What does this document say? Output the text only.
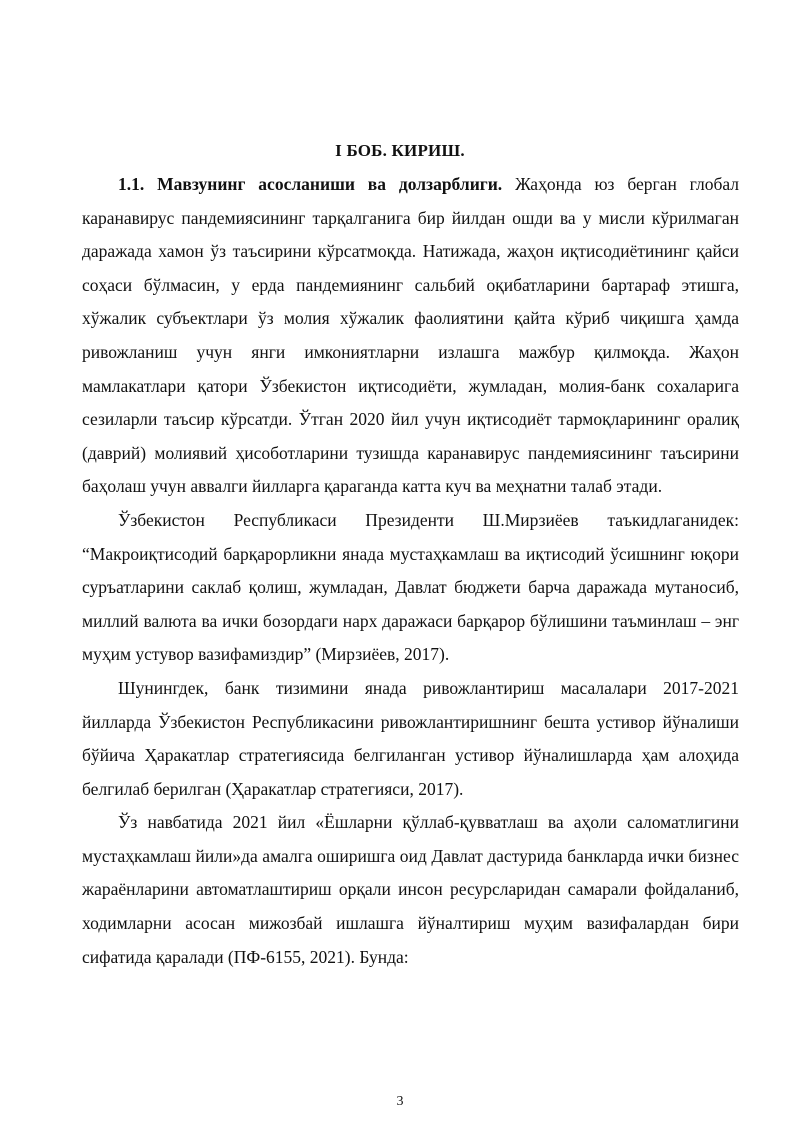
I БОБ. КИРИШ.

1.1. Мавзунинг асосланиши ва долзарблиги. Жаҳонда юз берган глобал каранавирус пандемиясининг тарқалганига бир йилдан ошди ва у мисли кўрилмаган даражада хамон ўз таъсирини кўрсатмоқда. Натижада, жаҳон иқтисодиётининг қайси соҳаси бўлмасин, у ерда пандемиянинг сальбий оқибатларини бартараф этишга, хўжалик субъектлари ўз молия хўжалик фаолиятини қайта кўриб чиқишга ҳамда ривожланиш учун янги имкониятларни излашга мажбур қилмоқда. Жаҳон мамлакатлари қатори Ўзбекистон иқтисодиёти, жумладан, молия-банк сохаларига сезиларли таъсир кўрсатди. Ўтган 2020 йил учун иқтисодиёт тармоқларининг оралиқ (даврий) молиявий ҳисоботларини тузишда каранавирус пандемиясининг таъсирини баҳолаш учун аввалги йилларга қараганда катта куч ва меҳнатни талаб этади.

Ўзбекистон Республикаси Президенти Ш.Мирзиёев таъкидлаганидек: “Макроиқтисодий барқарорликни янада мустаҳкамлаш ва иқтисодий ўсишнинг юқори суръатларини саклаб қолиш, жумладан, Давлат бюджети барча даражада мутаносиб, миллий валюта ва ички бозордаги нарх даражаси барқарор бўлишини таъминлаш – энг муҳим устувор вазифамиздир” (Мирзиёев, 2017).

Шунингдек, банк тизимини янада ривожлантириш масалалари 2017-2021 йилларда Ўзбекистон Республикасини ривожлантиришнинг бешта устивор йўналиши бўйича Ҳаракатлар стратегиясида белгиланган устивор йўналишларда ҳам алоҳида белгилаб берилган (Ҳаракатлар стратегияси, 2017).

Ўз навбатида 2021 йил «Ёшларни қўллаб-қувватлаш ва аҳоли саломатлигини мустаҳкамлаш йили»да амалга оширишга оид Давлат дастурида банкларда ички бизнес жараёнларини автоматлаштириш орқали инсон ресурсларидан самарали фойдаланиб, ходимларни асосан мижозбай ишлашга йўналтириш муҳим вазифалардан бири сифатида қаралади (ПФ-6155, 2021). Бунда:

3
